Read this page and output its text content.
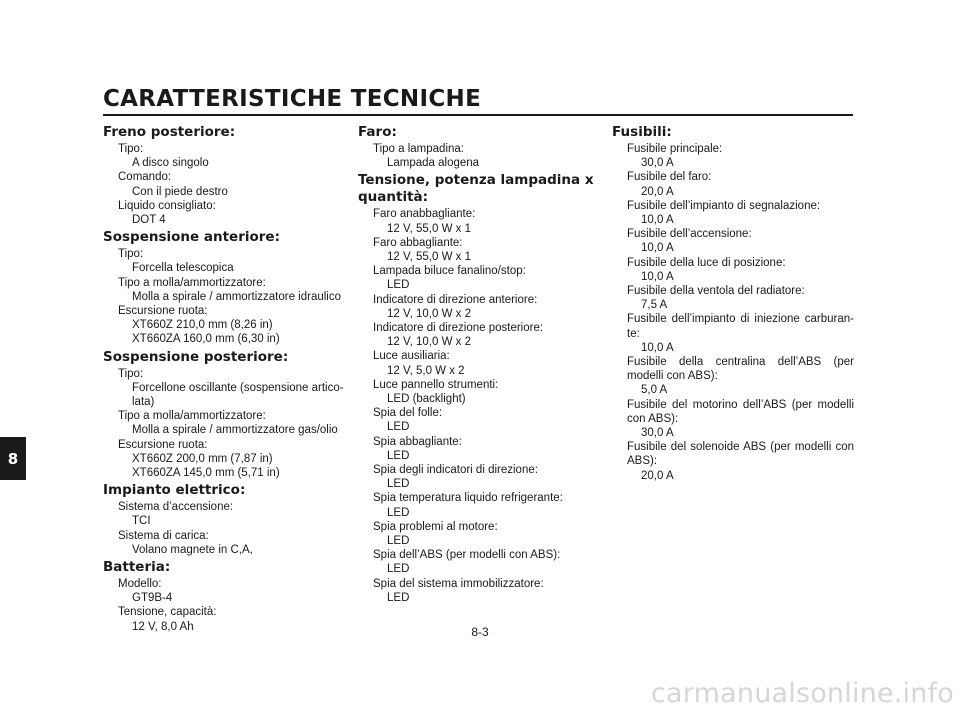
CARATTERISTICHE TECNICHE
8
Freno posteriore:
Tipo:
A disco singolo
Comando:
Con il piede destro
Liquido consigliato:
DOT 4
Sospensione anteriore:
Tipo:
Forcella telescopica
Tipo a molla/ammortizzatore:
Molla a spirale / ammortizzatore idraulico
Escursione ruota:
XT660Z 210,0 mm (8,26 in)
XT660ZA 160,0 mm (6,30 in)
Sospensione posteriore:
Tipo:
Forcellone oscillante (sospensione artico-lata)
Tipo a molla/ammortizzatore:
Molla a spirale / ammortizzatore gas/olio
Escursione ruota:
XT660Z 200,0 mm (7,87 in)
XT660ZA 145,0 mm (5,71 in)
Impianto elettrico:
Sistema d’accensione:
TCI
Sistema di carica:
Volano magnete in C,A,
Batteria:
Modello:
GT9B-4
Tensione, capacità:
12 V, 8,0 Ah
Faro:
Tipo a lampadina:
Lampada alogena
Tensione, potenza lampadina x quantità:
Faro anabbagliante:
12 V, 55,0 W x 1
Faro abbagliante:
12 V, 55,0 W x 1
Lampada biluce fanalino/stop:
LED
Indicatore di direzione anteriore:
12 V, 10,0 W x 2
Indicatore di direzione posteriore:
12 V, 10,0 W x 2
Luce ausiliaria:
12 V, 5,0 W x 2
Luce pannello strumenti:
LED (backlight)
Spia del folle:
LED
Spia abbagliante:
LED
Spia degli indicatori di direzione:
LED
Spia temperatura liquido refrigerante:
LED
Spia problemi al motore:
LED
Spia dell’ABS (per modelli con ABS):
LED
Spia del sistema immobilizzatore:
LED
Fusibili:
Fusibile principale:
30,0 A
Fusibile del faro:
20,0 A
Fusibile dell’impianto di segnalazione:
10,0 A
Fusibile dell’accensione:
10,0 A
Fusibile della luce di posizione:
10,0 A
Fusibile della ventola del radiatore:
7,5 A
Fusibile dell’impianto di iniezione carburan-te:
10,0 A
Fusibile della centralina dell’ABS (per modelli con ABS):
5,0 A
Fusibile del motorino dell’ABS (per modelli con ABS):
30,0 A
Fusibile del solenoide ABS (per modelli con ABS):
20,0 A
8-3
carmanualsonline.info
